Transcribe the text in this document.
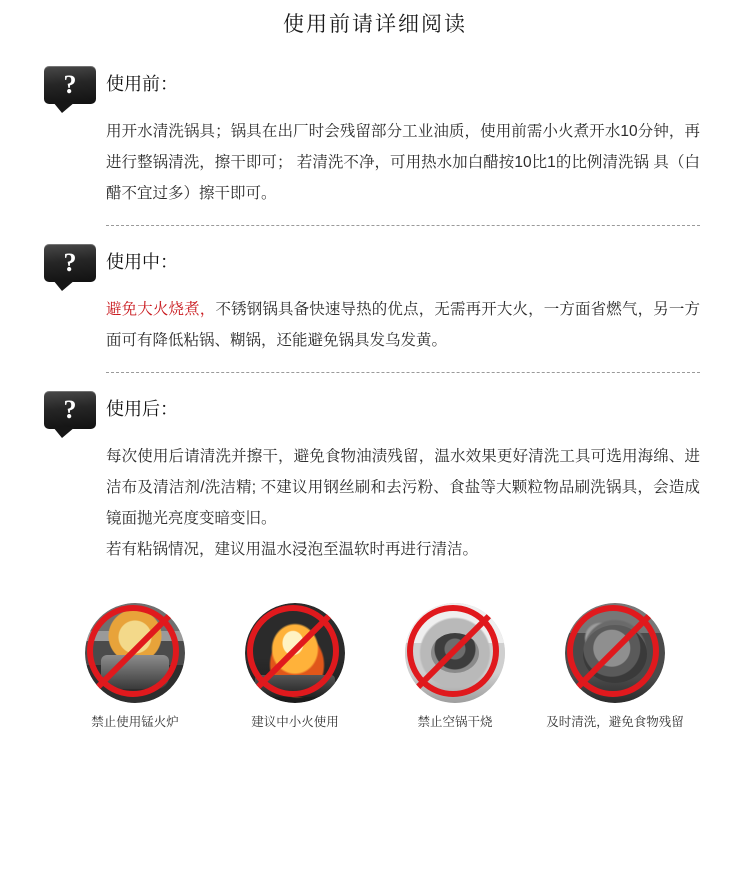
使用前请详细阅读
?	使用前：

用开水清洗锅具；锅具在出厂时会残留部分工业油质，使用前需小火煮开水10分钟，再进行整锅清洗，擦干即可； 若清洗不净，可用热水加白醋按10比1的比例清洗锅 具（白醋不宜过多）擦干即可。

?	使用中：

避免大火烧煮，不锈钢锅具备快速导热的优点，无需再开大火，一方面省燃气，另一方面可有降低粘锅、糊锅，还能避免锅具发乌发黄。

?	使用后：

每次使用后请清洗并擦干，避免食物油渍残留，温水效果更好清洗工具可选用海绵、进洁布及清洁剂/洗洁精; 不建议用钢丝刷和去污粉、食盐等大颗粒物品刷洗锅具，会造成镜面抛光亮度变暗变旧。

若有粘锅情况，建议用温水浸泡至温软时再进行清洁。

禁止使用锰火炉	建议中小火使用	禁止空锅干烧	及时清洗，避免食物残留
